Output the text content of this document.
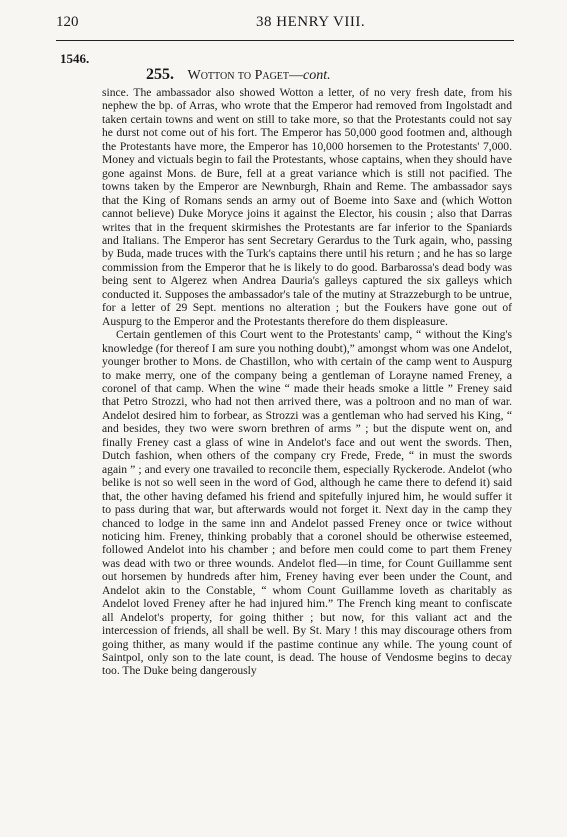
120	38 HENRY VIII.
1546.
255. Wotton to Paget—cont.

since. The ambassador also showed Wotton a letter, of no very fresh date, from his nephew the bp. of Arras, who wrote that the Emperor had removed from Ingolstadt and taken certain towns and went on still to take more, so that the Protestants could not say he durst not come out of his fort. The Emperor has 50,000 good footmen and, although the Protestants have more, the Emperor has 10,000 horsemen to the Protestants' 7,000. Money and victuals begin to fail the Protestants, whose captains, when they should have gone against Mons. de Bure, fell at a great variance which is still not pacified. The towns taken by the Emperor are Newnburgh, Rhain and Reme. The ambassador says that the King of Romans sends an army out of Boeme into Saxe and (which Wotton cannot believe) Duke Moryce joins it against the Elector, his cousin ; also that Darras writes that in the frequent skirmishes the Protestants are far inferior to the Spaniards and Italians. The Emperor has sent Secretary Gerardus to the Turk again, who, passing by Buda, made truces with the Turk's captains there until his return ; and he has so large commission from the Emperor that he is likely to do good. Barbarossa's dead body was being sent to Algerez when Andrea Dauria's galleys captured the six galleys which conducted it. Supposes the ambassador's tale of the mutiny at Strazzeburgh to be untrue, for a letter of 29 Sept. mentions no alteration ; but the Foukers have gone out of Auspurg to the Emperor and the Protestants therefore do them displeasure.

Certain gentlemen of this Court went to the Protestants' camp, “ without the King's knowledge (for thereof I am sure you nothing doubt),” amongst whom was one Andelot, younger brother to Mons. de Chastillon, who with certain of the camp went to Auspurg to make merry, one of the company being a gentleman of Lorayne named Freney, a coronel of that camp. When the wine “ made their heads smoke a little ” Freney said that Petro Strozzi, who had not then arrived there, was a poltroon and no man of war. Andelot desired him to forbear, as Strozzi was a gentleman who had served his King, “ and besides, they two were sworn brethren of arms ” ; but the dispute went on, and finally Freney cast a glass of wine in Andelot's face and out went the swords. Then, Dutch fashion, when others of the company cry Frede, Frede, “ in must the swords again ” ; and every one travailed to reconcile them, especially Ryckerode. Andelot (who belike is not so well seen in the word of God, although he came there to defend it) said that, the other having defamed his friend and spitefully injured him, he would suffer it to pass during that war, but afterwards would not forget it. Next day in the camp they chanced to lodge in the same inn and Andelot passed Freney once or twice without noticing him. Freney, thinking probably that a coronel should be otherwise esteemed, followed Andelot into his chamber ; and before men could come to part them Freney was dead with two or three wounds. Andelot fled—in time, for Count Guillamme sent out horsemen by hundreds after him, Freney having ever been under the Count, and Andelot akin to the Constable, “ whom Count Guillamme loveth as charitably as Andelot loved Freney after he had injured him.” The French king meant to confiscate all Andelot's property, for going thither ; but now, for this valiant act and the intercession of friends, all shall be well. By St. Mary ! this may discourage others from going thither, as many would if the pastime continue any while. The young count of Saintpol, only son to the late count, is dead. The house of Vendosme begins to decay too. The Duke being dangerously
